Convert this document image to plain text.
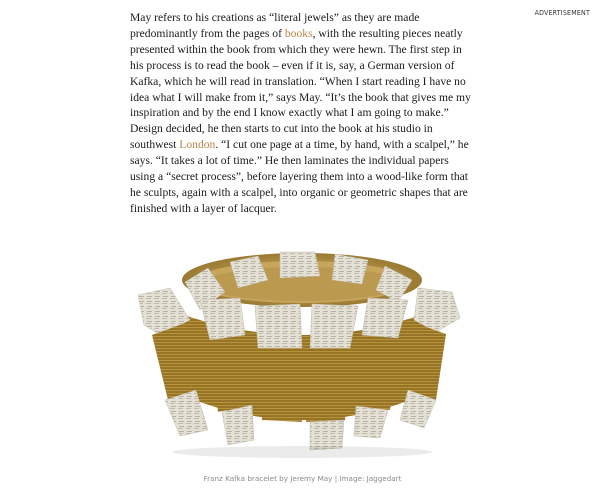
ADVERTISEMENT

May refers to his creations as “literal jewels” as they are made predominantly from the pages of books, with the resulting pieces neatly presented within the book from which they were hewn. The first step in his process is to read the book – even if it is, say, a German version of Kafka, which he will read in translation. “When I start reading I have no idea what I will make from it,” says May. “It’s the book that gives me my inspiration and by the end I know exactly what I am going to make.” Design decided, he then starts to cut into the book at his studio in southwest London. “I cut one page at a time, by hand, with a scalpel,” he says. “It takes a lot of time.” He then laminates the individual papers using a “secret process”, before layering them into a wood-like form that he sculpts, again with a scalpel, into organic or geometric shapes that are finished with a layer of lacquer.

Franz Kafka bracelet by Jeremy May | Image: Jaggedart
